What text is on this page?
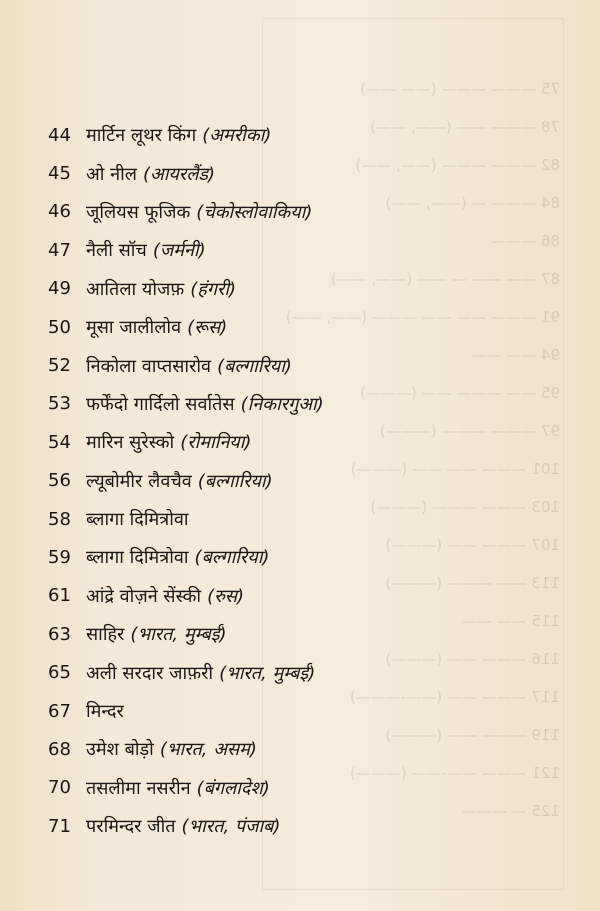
75 ——— ——— (—— ——)
78 ——— —— (——, ——)
82 ——— ——— (——, ——)
84 ——— — (——, ——)
86 ———
87 —— —— — —— (——, ——)
91 ——— —— —— ——— (——, ——)
94 —— ——
95 —— ——— —— (———)
97 ——— ——— (———)
101 ——— —— —— (———)
103 ——— ——— (———)
107 ——— —— (———)
113 —— ——— (———)
115 —— ——
116 ——— —— (———)
117 ——— —— (——-———)
119 ——— —— (———)
121 ——— ——-—— (———)
125 — ———
44 मार्टिन लूथर किंग (अमरीका)
45 ओ नील (आयरलैंड)
46 जूलियस फूजिक (चेकोस्लोवाकिया)
47 नैली सॉच (जर्मनी)
49 आतिला योजफ़ (हंगरी)
50 मूसा जालीलोव (रूस)
52 निकोला वाप्तसारोव (बल्गारिया)
53 फर्फेंदो गार्दिलो सर्वातेस (निकारगुआ)
54 मारिन सुरेस्को (रोमानिया)
56 ल्यूबोमीर लैवचैव (बल्गारिया)
58 ब्लागा दिमित्रोवा
59 ब्लागा दिमित्रोवा (बल्गारिया)
61 आंद्रे वोज़ने सेंस्की (रुस)
63 साहिर (भारत, मुम्बई)
65 अली सरदार जाफ़री (भारत, मुम्बई)
67 मिन्दर
68 उमेश बोड़ो (भारत, असम)
70 तसलीमा नसरीन (बंगलादेश)
71 परमिन्दर जीत (भारत, पंजाब)
